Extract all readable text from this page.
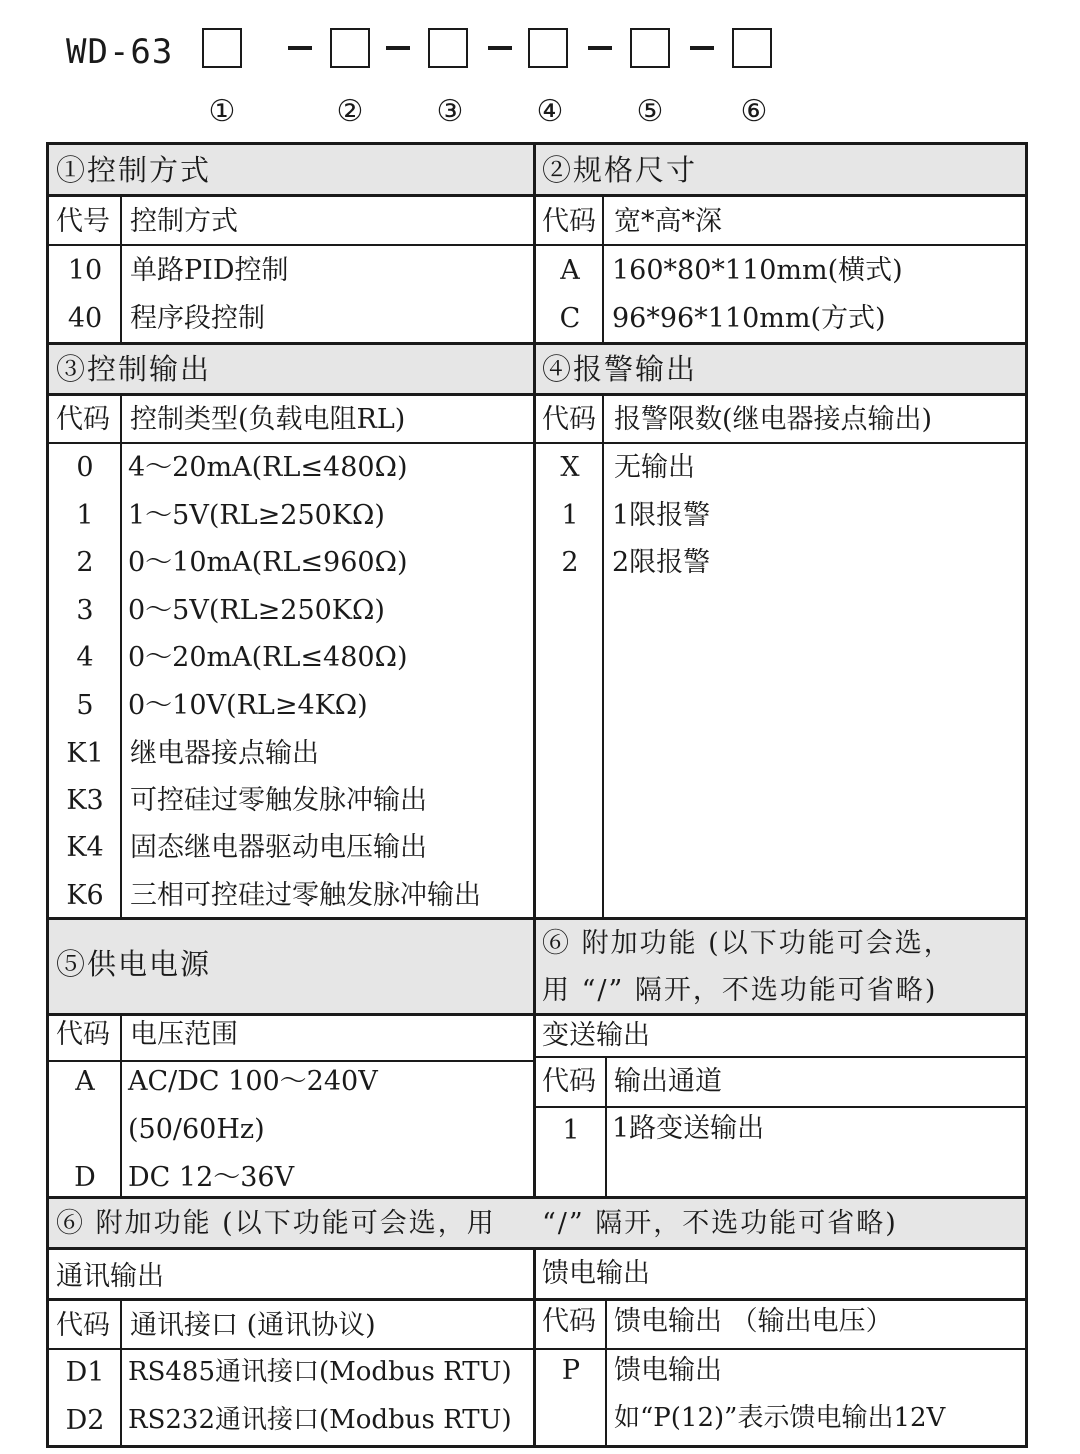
WD-63
①	② ③ ④ ⑤	⑥
①控制方式
代号 控制方式
10	单路PID控制
40	程序段控制
②规格尺寸
代码 宽*高*深
A	160*80*110mm(横式)
C	96*96*110mm(方式)
③控制输出
代码 控制类型(负载电阻RL)
0	4～20mA(RL≤480Ω)
1	1～5V(RL≥250KΩ)
2	0～10mA(RL≤960Ω)
3	0～5V(RL≥250KΩ)
4	0～20mA(RL≤480Ω)
5	0～10V(RL≥4KΩ)
K1 继电器接点输出
K3 可控硅过零触发脉冲输出
K4 固态继电器驱动电压输出
K6 三相可控硅过零触发脉冲输出
④报警输出
代码 报警限数(继电器接点输出)
X	无输出
1	1限报警
2	2限报警
⑤供电电源
代码 电压范围
A	AC/DC 100～240V
(50/60Hz)
D	DC 12～36V
⑥ 附加功能 (以下功能可会选，
用 “/” 隔开，不选功能可省略)
变送输出
代码 输出通道
1	1路变送输出
⑥ 附加功能 (以下功能可会选，用 “/” 隔开，不选功能可省略)
通讯输出
代码 通讯接口 (通讯协议)
D1 RS485通讯接口(Modbus RTU)
D2 RS232通讯接口(Modbus RTU)
馈电输出
代码 馈电输出 （输出电压）
P	馈电输出
如“P(12)”表示馈电输出12V
